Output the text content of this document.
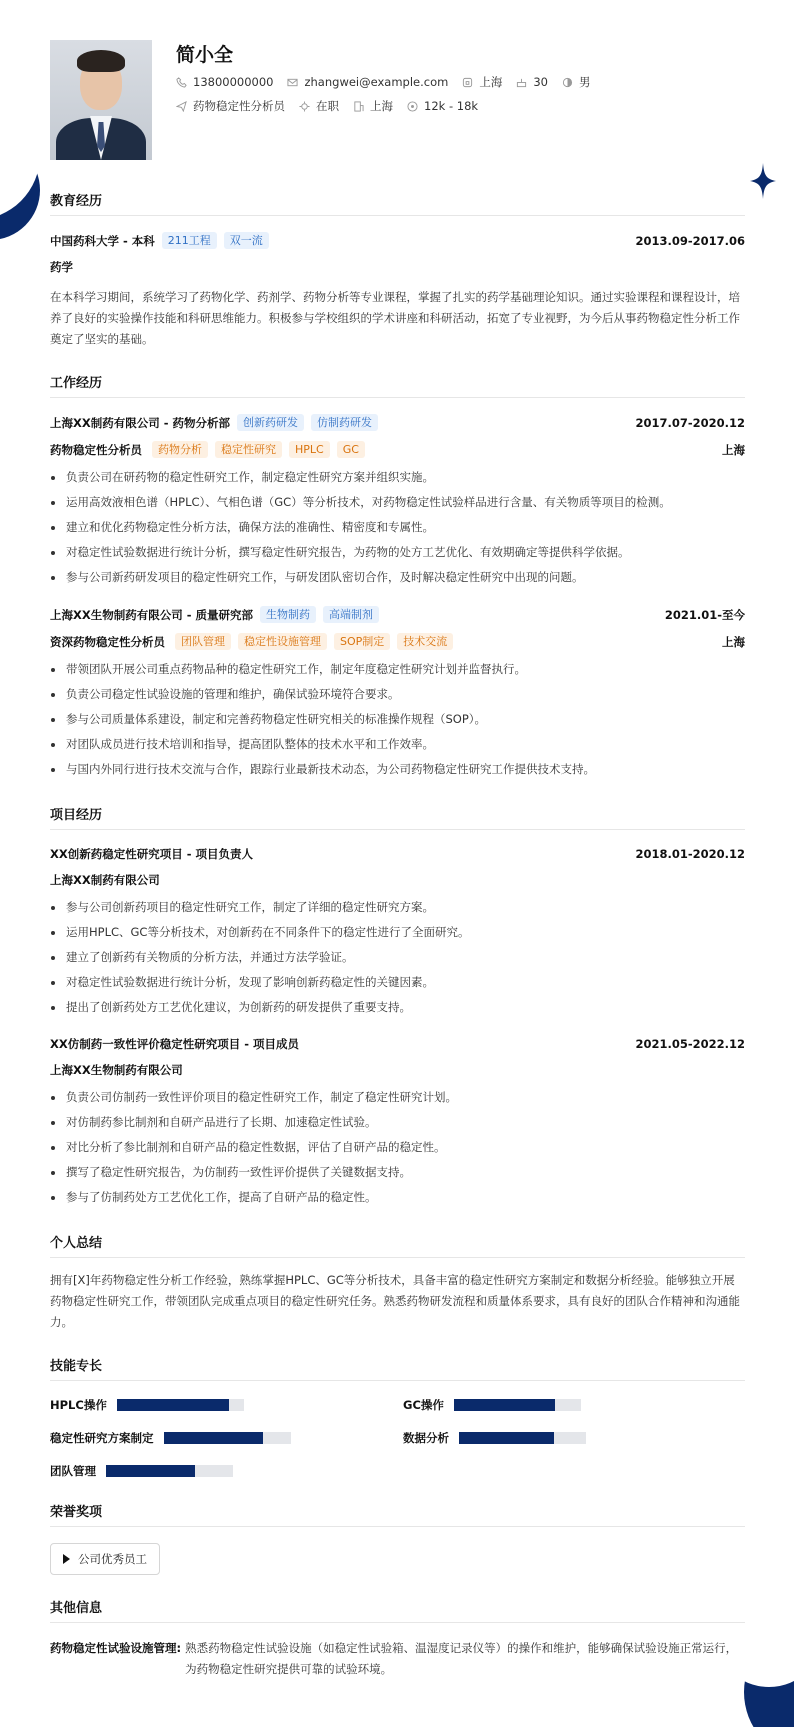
简小全
13800000000	zhangwei@example.com	上海	30	男
药物稳定性分析员	在职	上海	12k - 18k
教育经历
中国药科大学 - 本科	211工程	双一流	2013.09-2017.06
药学
在本科学习期间，系统学习了药物化学、药剂学、药物分析等专业课程，掌握了扎实的药学基础理论知识。通过实验课程和课程设计，培养了良好的实验操作技能和科研思维能力。积极参与学校组织的学术讲座和科研活动，拓宽了专业视野，为今后从事药物稳定性分析工作奠定了坚实的基础。
工作经历
上海XX制药有限公司 - 药物分析部	创新药研发	仿制药研发	2017.07-2020.12
药物稳定性分析员	药物分析	稳定性研究	HPLC	GC	上海
负责公司在研药物的稳定性研究工作，制定稳定性研究方案并组织实施。
运用高效液相色谱（HPLC）、气相色谱（GC）等分析技术，对药物稳定性试验样品进行含量、有关物质等项目的检测。
建立和优化药物稳定性分析方法，确保方法的准确性、精密度和专属性。
对稳定性试验数据进行统计分析，撰写稳定性研究报告，为药物的处方工艺优化、有效期确定等提供科学依据。
参与公司新药研发项目的稳定性研究工作，与研发团队密切合作，及时解决稳定性研究中出现的问题。
上海XX生物制药有限公司 - 质量研究部	生物制药	高端制剂	2021.01-至今
资深药物稳定性分析员	团队管理	稳定性设施管理	SOP制定	技术交流	上海
带领团队开展公司重点药物品种的稳定性研究工作，制定年度稳定性研究计划并监督执行。
负责公司稳定性试验设施的管理和维护，确保试验环境符合要求。
参与公司质量体系建设，制定和完善药物稳定性研究相关的标准操作规程（SOP）。
对团队成员进行技术培训和指导，提高团队整体的技术水平和工作效率。
与国内外同行进行技术交流与合作，跟踪行业最新技术动态，为公司药物稳定性研究工作提供技术支持。
项目经历
XX创新药稳定性研究项目 - 项目负责人	2018.01-2020.12
上海XX制药有限公司
参与公司创新药项目的稳定性研究工作，制定了详细的稳定性研究方案。
运用HPLC、GC等分析技术，对创新药在不同条件下的稳定性进行了全面研究。
建立了创新药有关物质的分析方法，并通过方法学验证。
对稳定性试验数据进行统计分析，发现了影响创新药稳定性的关键因素。
提出了创新药处方工艺优化建议，为创新药的研发提供了重要支持。
XX仿制药一致性评价稳定性研究项目 - 项目成员	2021.05-2022.12
上海XX生物制药有限公司
负责公司仿制药一致性评价项目的稳定性研究工作，制定了稳定性研究计划。
对仿制药参比制剂和自研产品进行了长期、加速稳定性试验。
对比分析了参比制剂和自研产品的稳定性数据，评估了自研产品的稳定性。
撰写了稳定性研究报告，为仿制药一致性评价提供了关键数据支持。
参与了仿制药处方工艺优化工作，提高了自研产品的稳定性。
个人总结
拥有[X]年药物稳定性分析工作经验，熟练掌握HPLC、GC等分析技术，具备丰富的稳定性研究方案制定和数据分析经验。能够独立开展药物稳定性研究工作，带领团队完成重点项目的稳定性研究任务。熟悉药物研发流程和质量体系要求，具有良好的团队合作精神和沟通能力。
技能专长
HPLC操作	GC操作
稳定性研究方案制定	数据分析
团队管理
荣誉奖项
公司优秀员工
其他信息
药物稳定性试验设施管理: 熟悉药物稳定性试验设施（如稳定性试验箱、温湿度记录仪等）的操作和维护，能够确保试验设施正常运行，为药物稳定性研究提供可靠的试验环境。
